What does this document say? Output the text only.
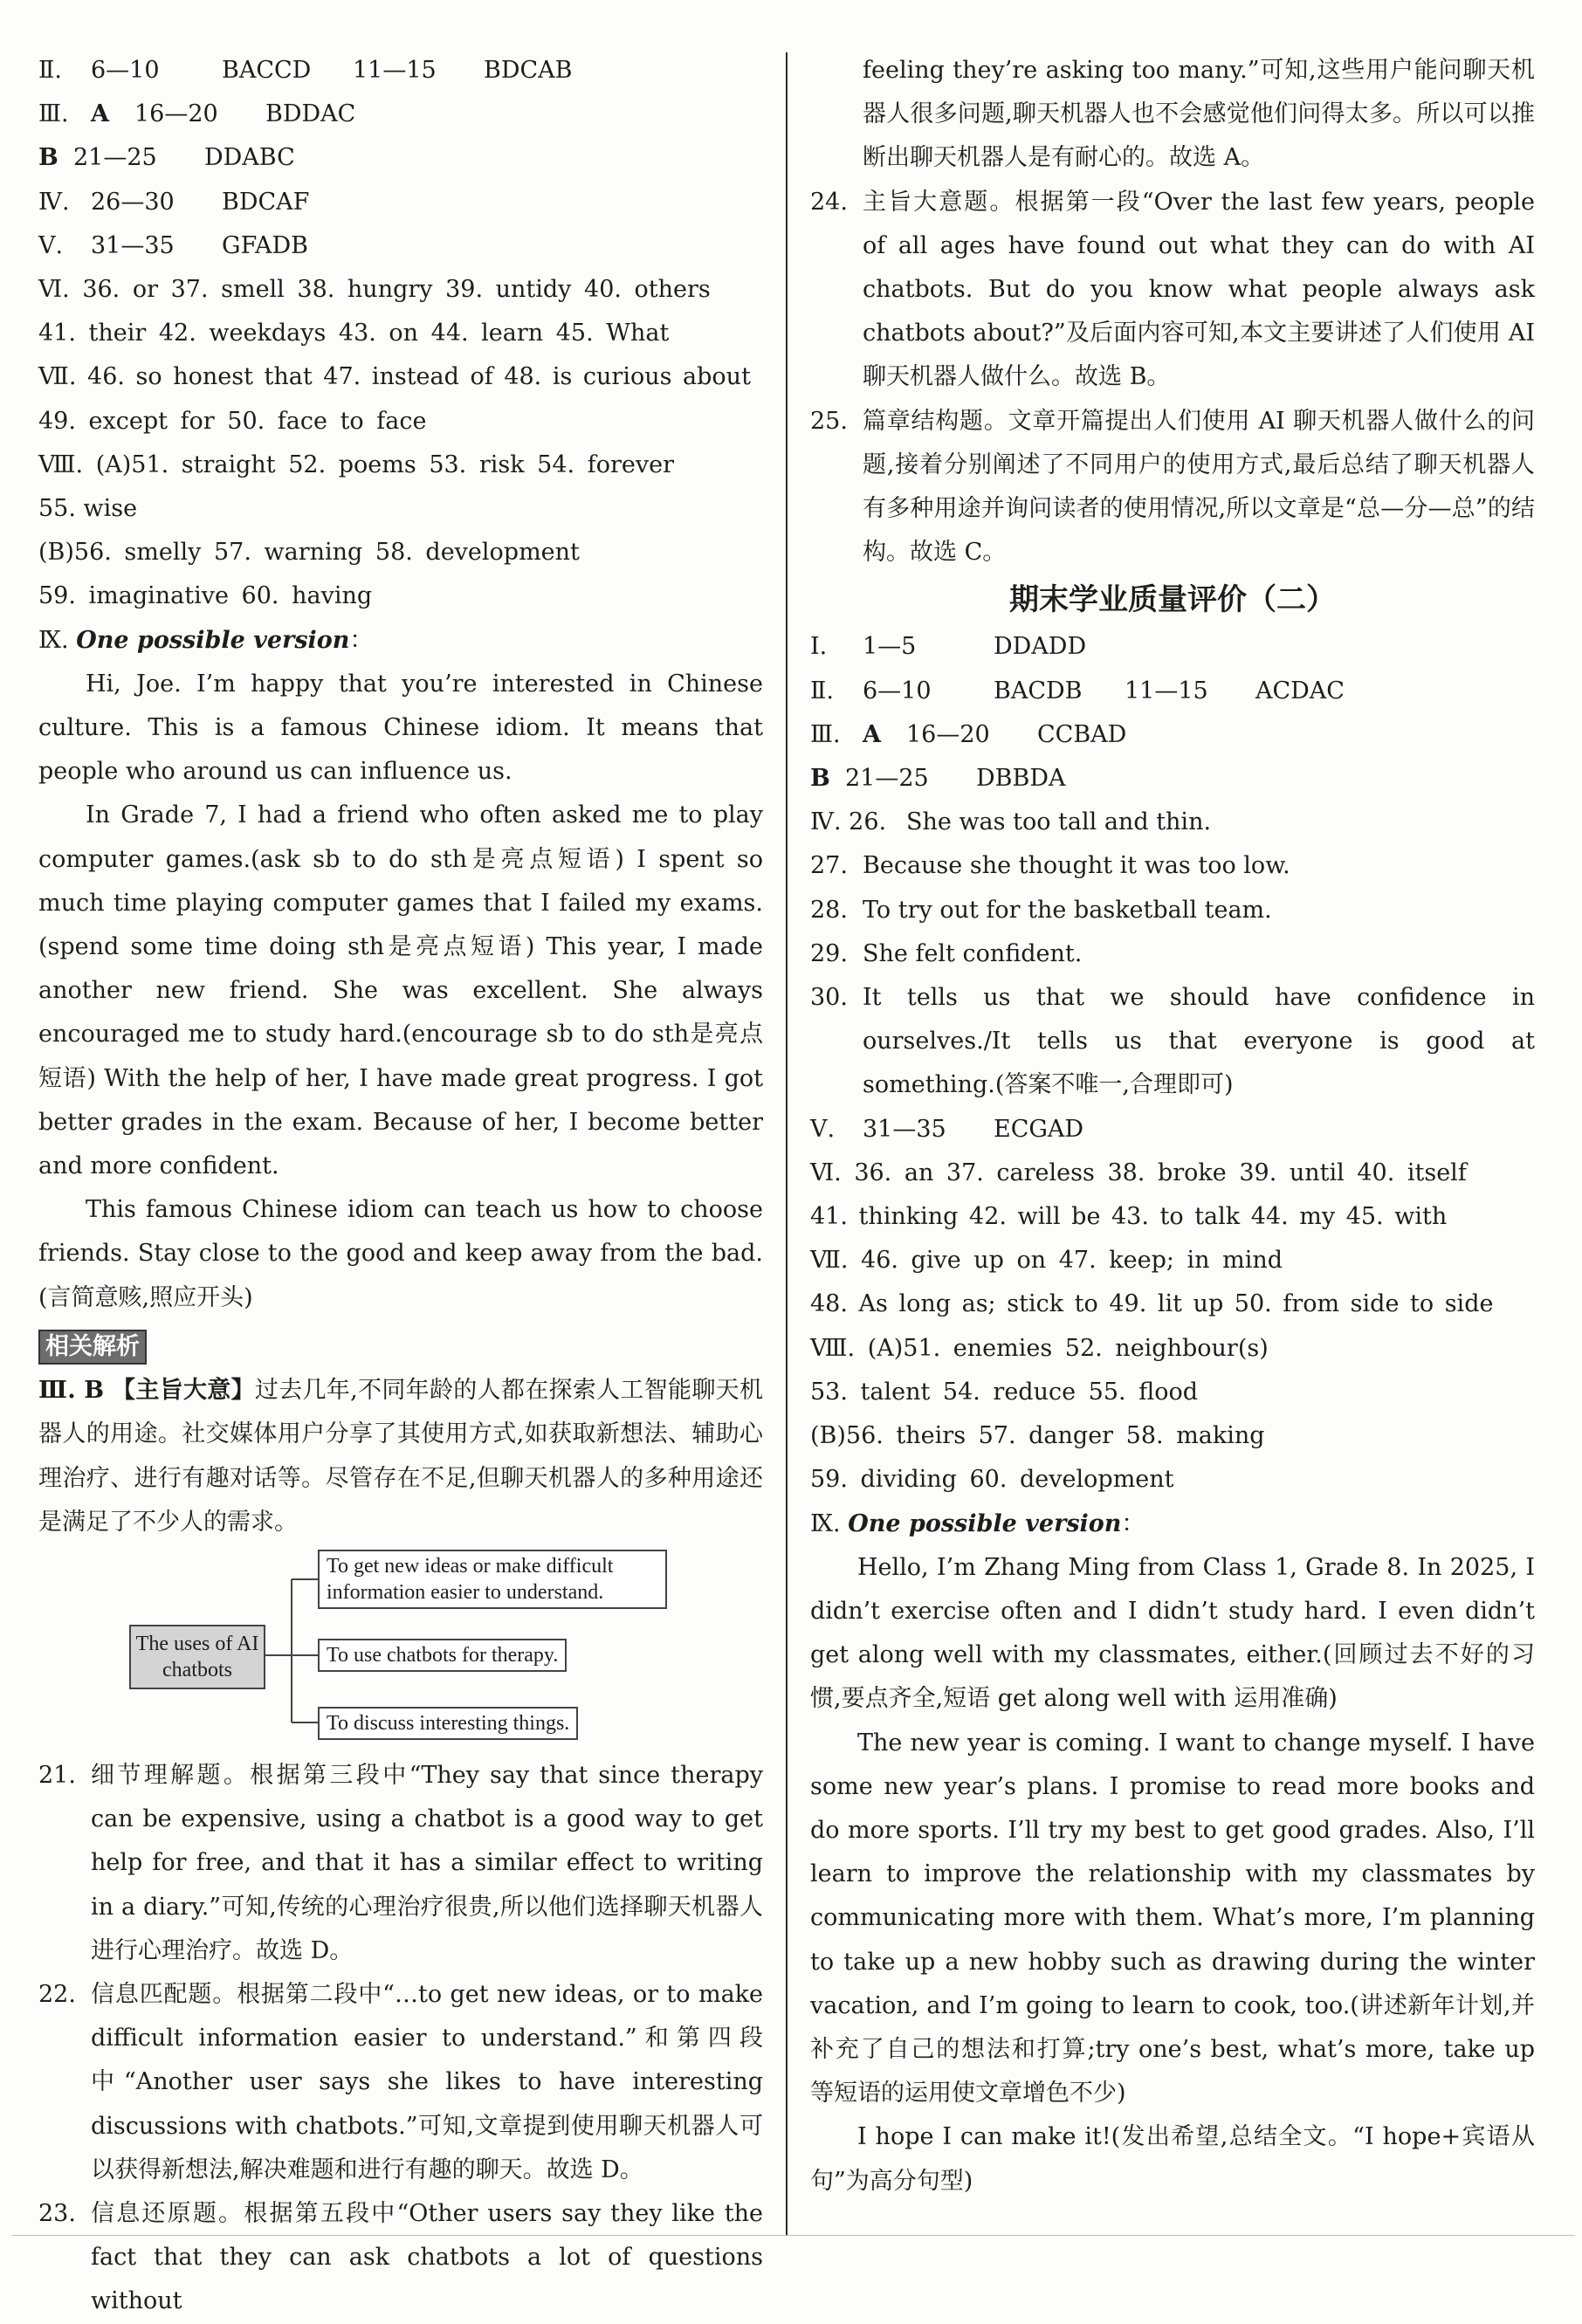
Ⅱ. 6—10	BACCD 11—15 BDCAB
Ⅲ. A 16—20 BDDAC
B 21—25 DDABC
Ⅳ. 26—30 BDCAF
Ⅴ. 31—35 GFADB
Ⅵ. 36. or 37. smell 38. hungry 39. untidy 40. others
41. their 42. weekdays 43. on 44. learn 45. What
Ⅶ. 46. so honest that 47. instead of 48. is curious about
49. except for 50. face to face
Ⅷ. (A)51. straight 52. poems 53. risk 54. forever
55. wise
(B)56. smelly 57. warning 58. development
59. imaginative 60. having
Ⅸ. One possible version：

Hi, Joe. I’m happy that you’re interested in Chinese culture. This is a famous Chinese idiom. It means that people who around us can influence us.

In Grade 7, I had a friend who often asked me to play computer games.(ask sb to do sth是亮点短语) I spent so much time playing computer games that I failed my exams.(spend some time doing sth是亮点短语) This year, I made another new friend. She was excellent. She always encouraged me to study hard.(encourage sb to do sth是亮点短语) With the help of her, I have made great progress. I got better grades in the exam. Because of her, I become better and more confident.

This famous Chinese idiom can teach us how to choose friends. Stay close to the good and keep away from the bad.(言简意赅,照应开头)

相关解析

Ⅲ. B 【主旨大意】过去几年,不同年龄的人都在探索人工智能聊天机器人的用途。社交媒体用户分享了其使用方式,如获取新想法、辅助心理治疗、进行有趣对话等。尽管存在不足,但聊天机器人的多种用途还是满足了不少人的需求。

The uses of AI chatbots
To get new ideas or make difficult information easier to understand.
To use chatbots for therapy.
To discuss interesting things.
21. 细节理解题。根据第三段中“They say that since therapy can be expensive, using a chatbot is a good way to get help for free, and that it has a similar effect to writing in a diary.”可知,传统的心理治疗很贵,所以他们选择聊天机器人进行心理治疗。故选 D。
22. 信息匹配题。根据第二段中“…to get new ideas, or to make difficult information easier to understand.”和第四段中“Another user says she likes to have interesting discussions with chatbots.”可知,文章提到使用聊天机器人可以获得新想法,解决难题和进行有趣的聊天。故选 D。
23. 信息还原题。根据第五段中“Other users say they like the fact that they can ask chatbots a lot of questions without
feeling they’re asking too many.”可知,这些用户能问聊天机器人很多问题,聊天机器人也不会感觉他们问得太多。所以可以推断出聊天机器人是有耐心的。故选 A。
24. 主旨大意题。根据第一段“Over the last few years, people of all ages have found out what they can do with AI chatbots. But do you know what people always ask chatbots about?”及后面内容可知,本文主要讲述了人们使用 AI 聊天机器人做什么。故选 B。
25. 篇章结构题。文章开篇提出人们使用 AI 聊天机器人做什么的问题,接着分别阐述了不同用户的使用方式,最后总结了聊天机器人有多种用途并询问读者的使用情况,所以文章是“总—分—总”的结构。故选 C。
期末学业质量评价（二）
Ⅰ. 1—5	DDADD
Ⅱ. 6—10	BACDB 11—15 ACDAC
Ⅲ. A 16—20 CCBAD
B 21—25 DBBDA
Ⅳ. 26. She was too tall and thin.
27. Because she thought it was too low.
28. To try out for the basketball team.
29. She felt confident.
30. It tells us that we should have confidence in ourselves./It tells us that everyone is good at something.(答案不唯一,合理即可)
Ⅴ. 31—35 ECGAD
Ⅵ. 36. an 37. careless 38. broke 39. until 40. itself
41. thinking 42. will be 43. to talk 44. my 45. with
Ⅶ. 46. give up on 47. keep; in mind
48. As long as; stick to 49. lit up 50. from side to side
Ⅷ. (A)51. enemies 52. neighbour(s)
53. talent 54. reduce 55. flood
(B)56. theirs 57. danger 58. making
59. dividing 60. development
Ⅸ. One possible version：

Hello, I’m Zhang Ming from Class 1, Grade 8. In 2025, I didn’t exercise often and I didn’t study hard. I even didn’t get along well with my classmates, either.(回顾过去不好的习惯,要点齐全,短语 get along well with 运用准确)

The new year is coming. I want to change myself. I have some new year’s plans. I promise to read more books and do more sports. I’ll try my best to get good grades. Also, I’ll learn to improve the relationship with my classmates by communicating more with them. What’s more, I’m planning to take up a new hobby such as drawing during the winter vacation, and I’m going to learn to cook, too.(讲述新年计划,并补充了自己的想法和打算;try one’s best, what’s more, take up 等短语的运用使文章增色不少)

I hope I can make it!(发出希望,总结全文。“I hope+宾语从句”为高分句型)
